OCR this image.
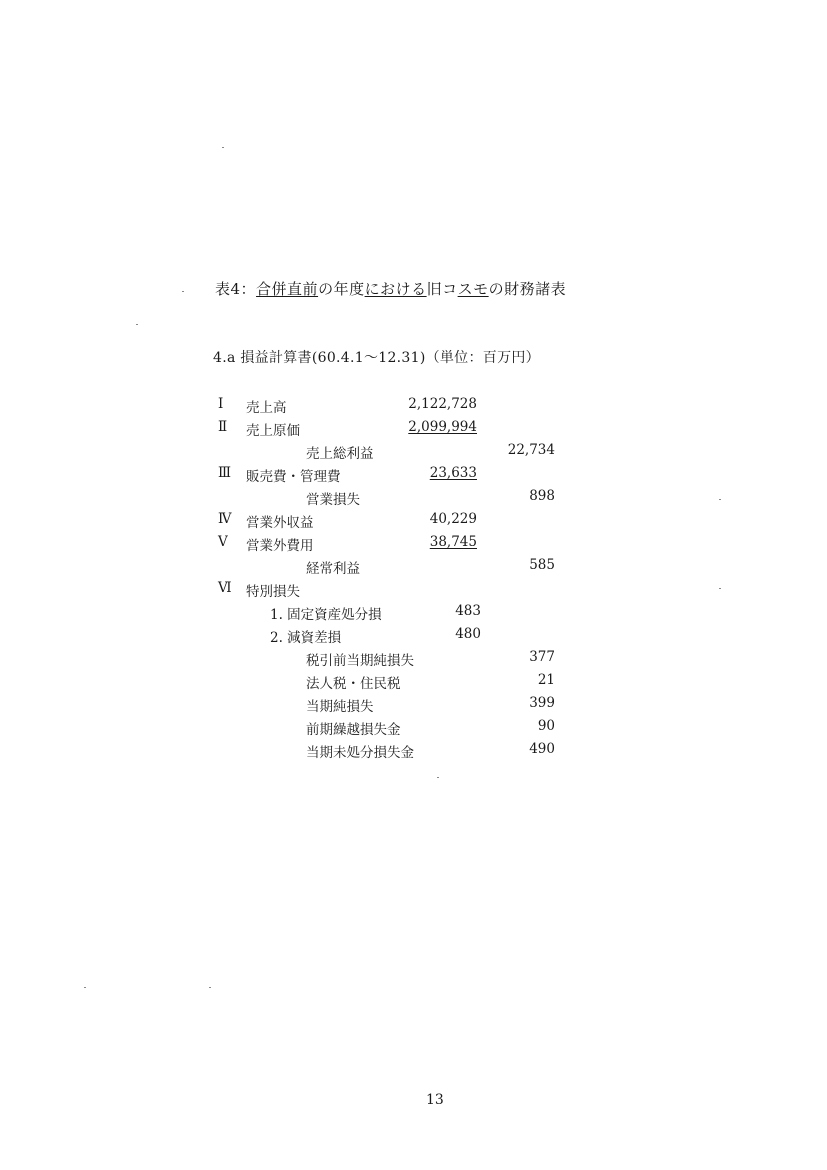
表4：合併直前の年度における旧コスモの財務諸表
4.a 損益計算書(60.4.1〜12.31)（単位：百万円）
Ⅰ 売上高	2,122,728
Ⅱ 売上原価	2,099,994
売上総利益	22,734
Ⅲ 販売費・管理費	23,633
営業損失	898
Ⅳ 営業外収益	40,229
Ⅴ 営業外費用	38,745
経常利益	585
Ⅵ 特別損失
1. 固定資産処分損	483
2. 減資差損	480
税引前当期純損失	377
法人税・住民税	21
当期純損失	399
前期繰越損失金	90
当期未処分損失金	490
13
